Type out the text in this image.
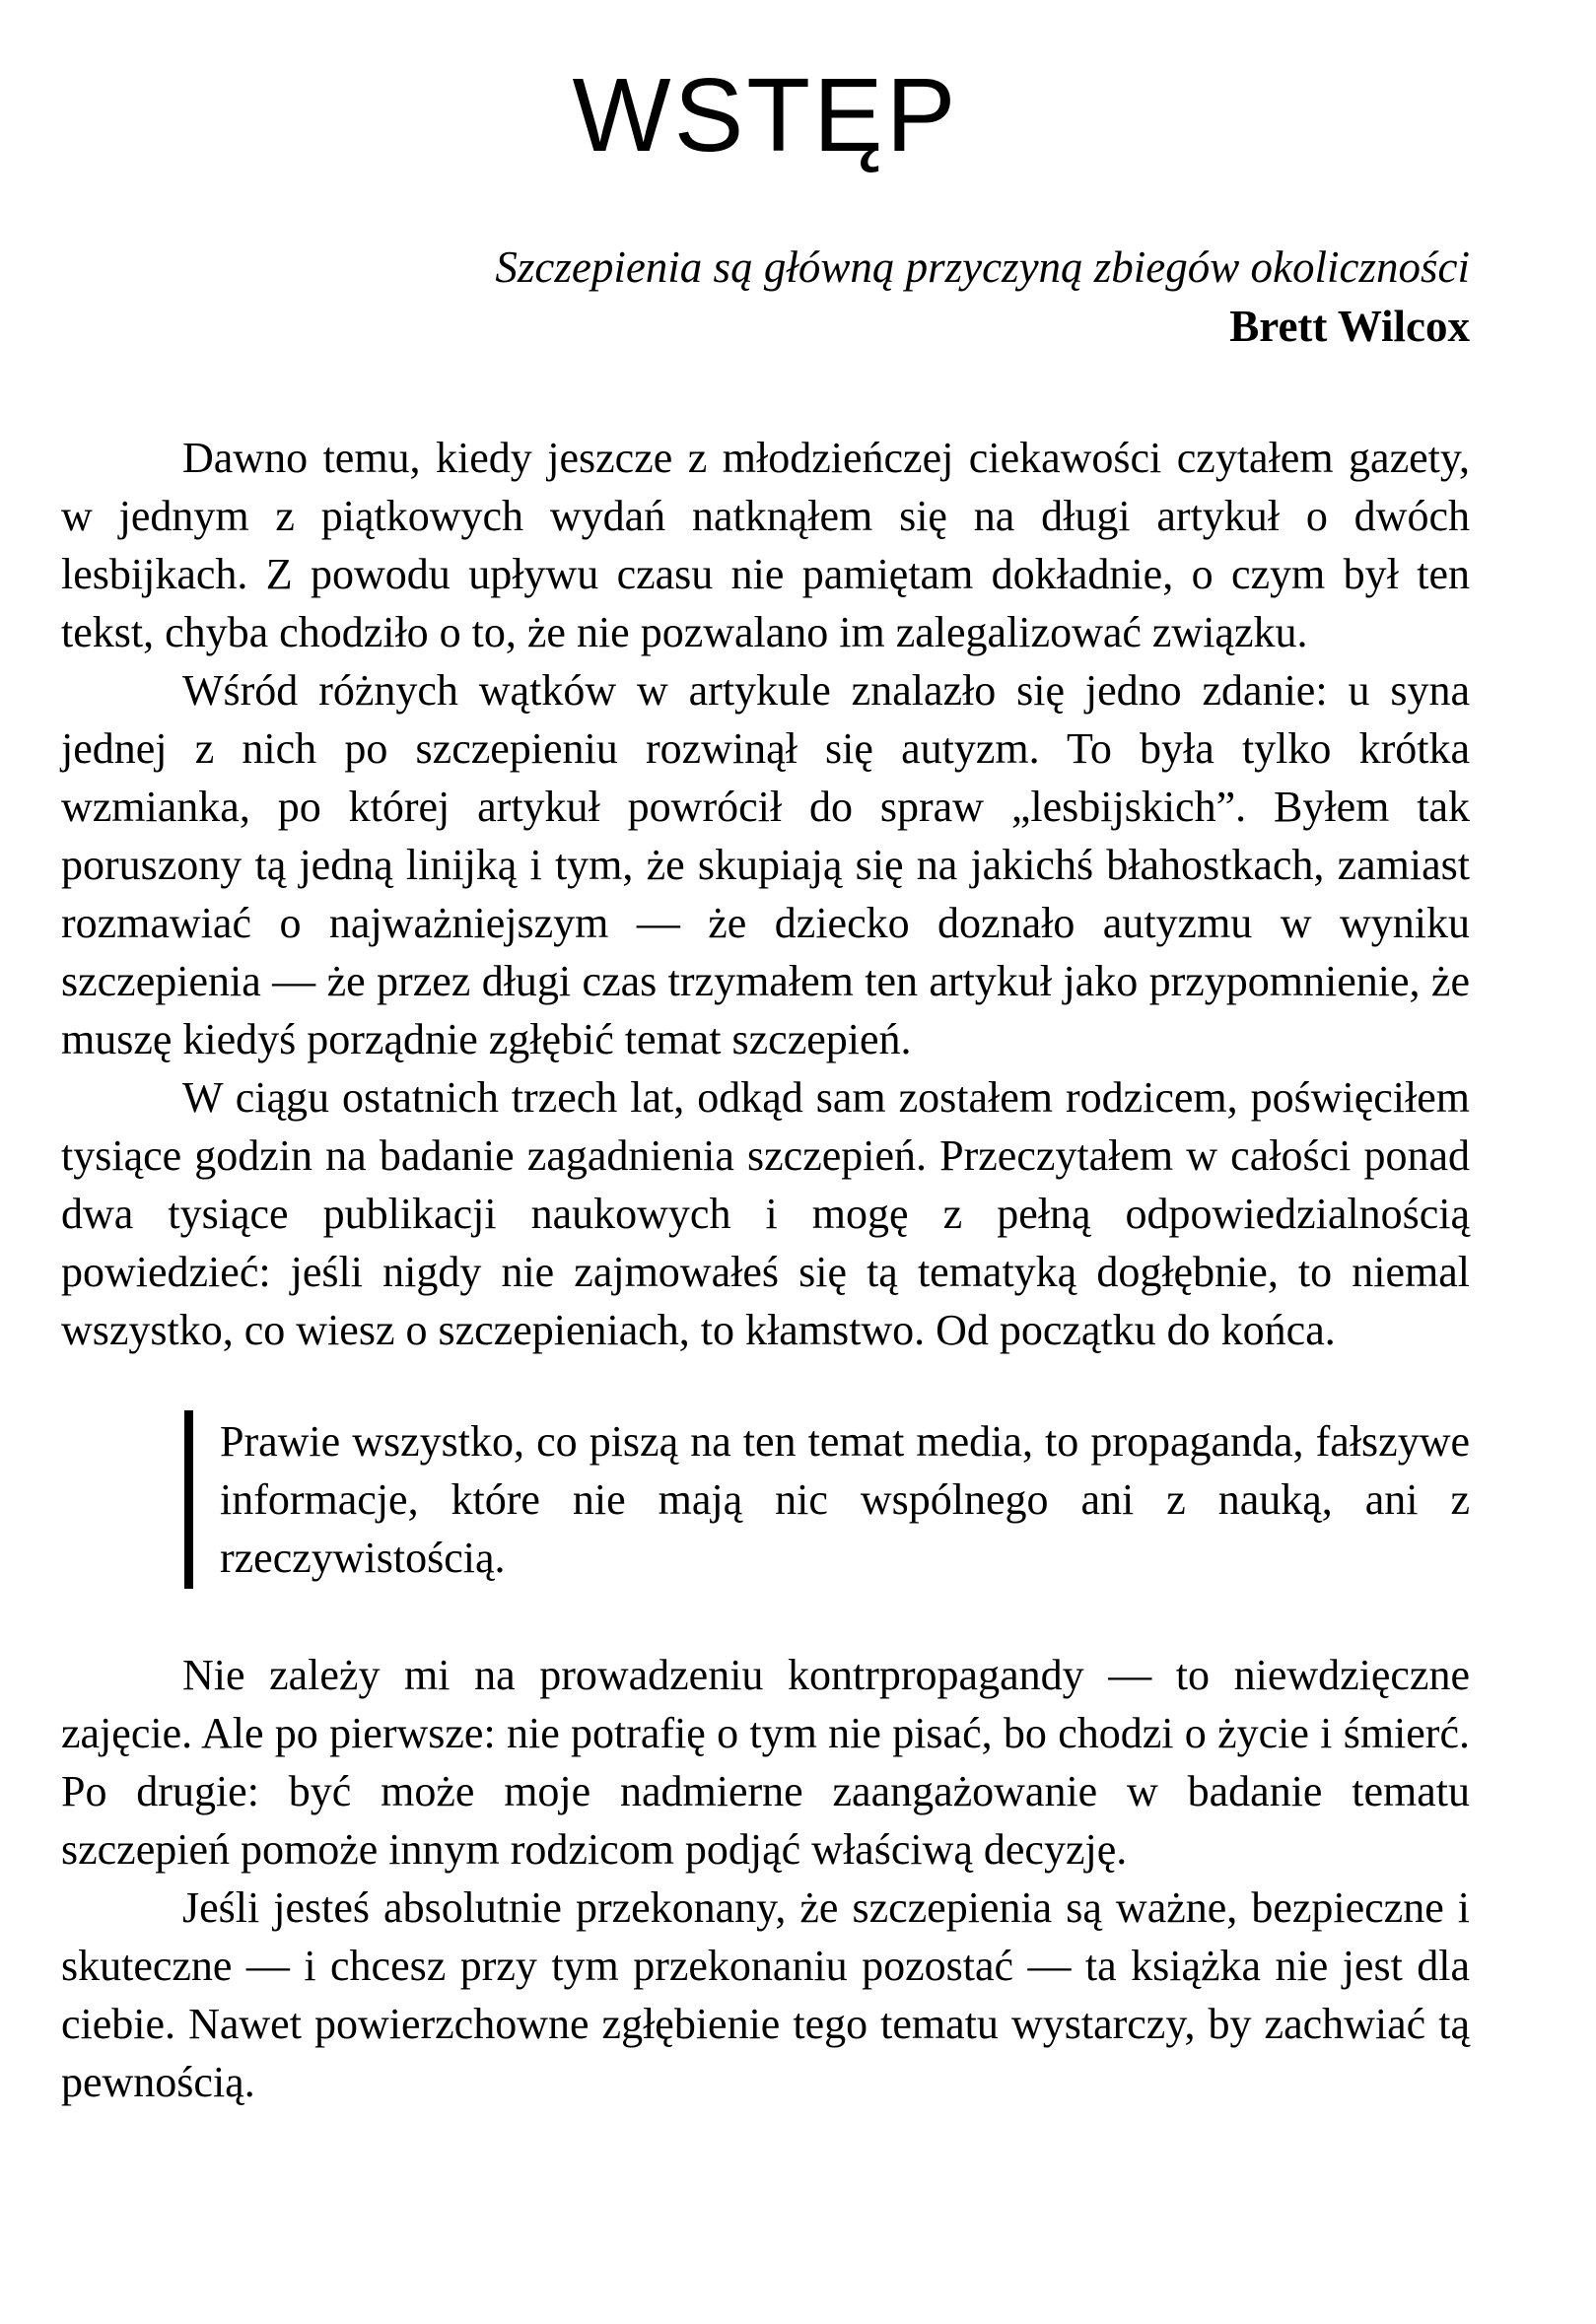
WSTĘP

Szczepienia są główną przyczyną zbiegów okoliczności

Brett Wilcox

Dawno temu, kiedy jeszcze z młodzieńczej ciekawości czytałem gazety, w jednym z piątkowych wydań natknąłem się na długi artykuł o dwóch lesbijkach. Z powodu upływu czasu nie pamiętam dokładnie, o czym był ten tekst, chyba chodziło o to, że nie pozwalano im zalegalizować związku.

Wśród różnych wątków w artykule znalazło się jedno zdanie: u syna jednej z nich po szczepieniu rozwinął się autyzm. To była tylko krótka wzmianka, po której artykuł powrócił do spraw „lesbijskich”. Byłem tak poruszony tą jedną linijką i tym, że skupiają się na jakichś błahostkach, zamiast rozmawiać o najważniejszym — że dziecko doznało autyzmu w wyniku szczepienia — że przez długi czas trzymałem ten artykuł jako przypomnienie, że muszę kiedyś porządnie zgłębić temat szczepień.

W ciągu ostatnich trzech lat, odkąd sam zostałem rodzicem, poświęciłem tysiące godzin na badanie zagadnienia szczepień. Przeczytałem w całości ponad dwa tysiące publikacji naukowych i mogę z pełną odpowiedzialnością powiedzieć: jeśli nigdy nie zajmowałeś się tą tematyką dogłębnie, to niemal wszystko, co wiesz o szczepieniach, to kłamstwo. Od początku do końca.

Prawie wszystko, co piszą na ten temat media, to propaganda, fałszywe informacje, które nie mają nic wspólnego ani z nauką, ani z rzeczywistością.

Nie zależy mi na prowadzeniu kontrpropagandy — to niewdzięczne zajęcie. Ale po pierwsze: nie potrafię o tym nie pisać, bo chodzi o życie i śmierć. Po drugie: być może moje nadmierne zaangażowanie w badanie tematu szczepień pomoże innym rodzicom podjąć właściwą decyzję.

Jeśli jesteś absolutnie przekonany, że szczepienia są ważne, bezpieczne i skuteczne — i chcesz przy tym przekonaniu pozostać — ta książka nie jest dla ciebie. Nawet powierzchowne zgłębienie tego tematu wystarczy, by zachwiać tą pewnością.
